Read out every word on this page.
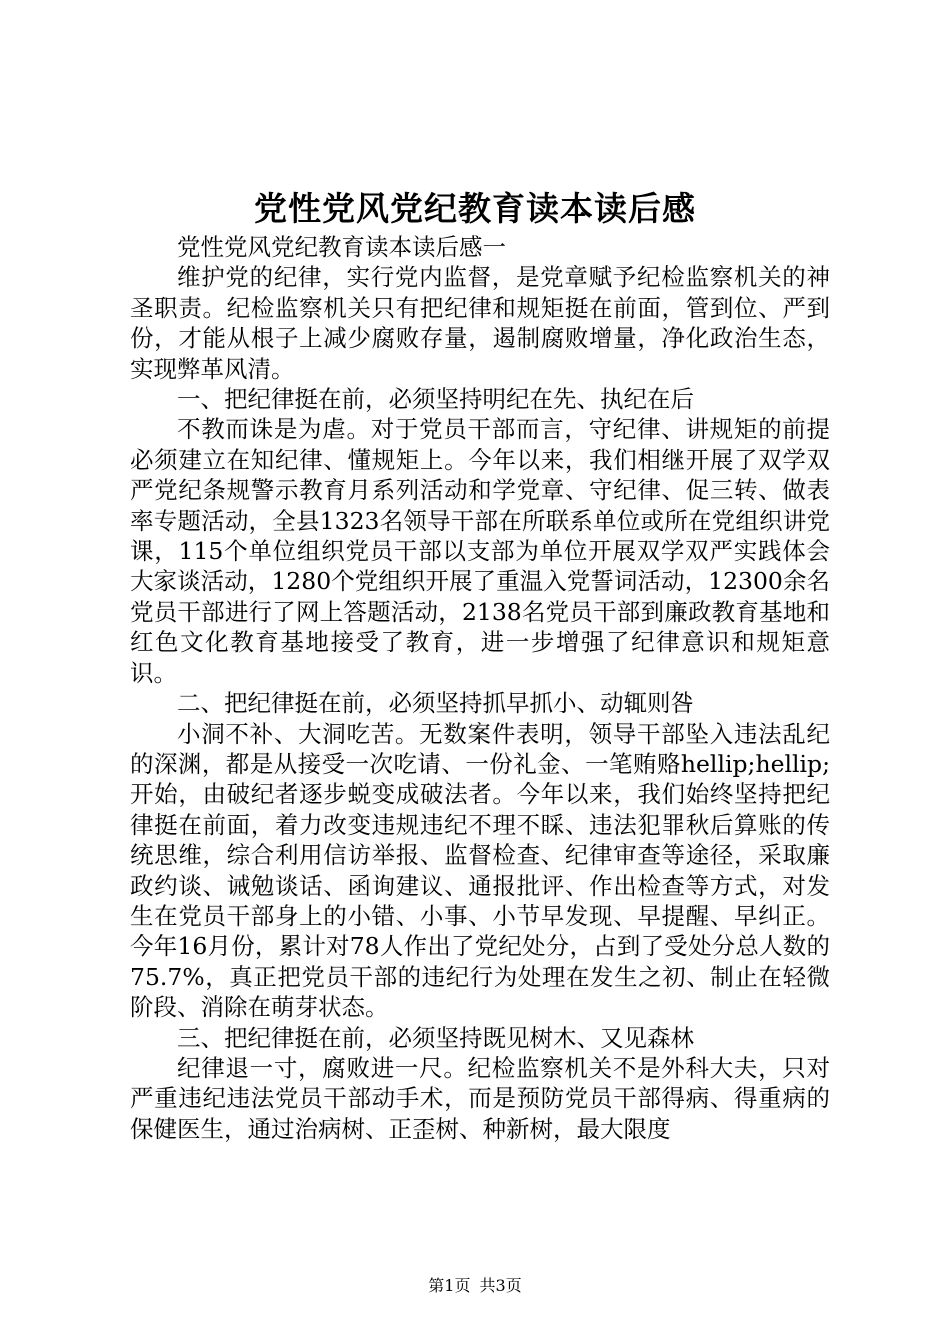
党性党风党纪教育读本读后感

党性党风党纪教育读本读后感一

维护党的纪律，实行党内监督，是党章赋予纪检监察机关的神圣职责。纪检监察机关只有把纪律和规矩挺在前面，管到位、严到份，才能从根子上减少腐败存量，遏制腐败增量，净化政治生态，实现弊革风清。

一、把纪律挺在前，必须坚持明纪在先、执纪在后

不教而诛是为虐。对于党员干部而言，守纪律、讲规矩的前提必须建立在知纪律、懂规矩上。今年以来，我们相继开展了双学双严党纪条规警示教育月系列活动和学党章、守纪律、促三转、做表率专题活动，全县1323名领导干部在所联系单位或所在党组织讲党课，115个单位组织党员干部以支部为单位开展双学双严实践体会大家谈活动，1280个党组织开展了重温入党誓词活动，12300余名党员干部进行了网上答题活动，2138名党员干部到廉政教育基地和红色文化教育基地接受了教育，进一步增强了纪律意识和规矩意识。

二、把纪律挺在前，必须坚持抓早抓小、动辄则咎

小洞不补、大洞吃苦。无数案件表明，领导干部坠入违法乱纪的深渊，都是从接受一次吃请、一份礼金、一笔贿赂hellip;hellip;开始，由破纪者逐步蜕变成破法者。今年以来，我们始终坚持把纪律挺在前面，着力改变违规违纪不理不睬、违法犯罪秋后算账的传统思维，综合利用信访举报、监督检查、纪律审查等途径，采取廉政约谈、诫勉谈话、函询建议、通报批评、作出检查等方式，对发生在党员干部身上的小错、小事、小节早发现、早提醒、早纠正。今年16月份，累计对78人作出了党纪处分，占到了受处分总人数的75.7%，真正把党员干部的违纪行为处理在发生之初、制止在轻微阶段、消除在萌芽状态。

三、把纪律挺在前，必须坚持既见树木、又见森林

纪律退一寸，腐败进一尺。纪检监察机关不是外科大夫，只对严重违纪违法党员干部动手术，而是预防党员干部得病、得重病的保健医生，通过治病树、正歪树、种新树，最大限度

第1页 共3页
